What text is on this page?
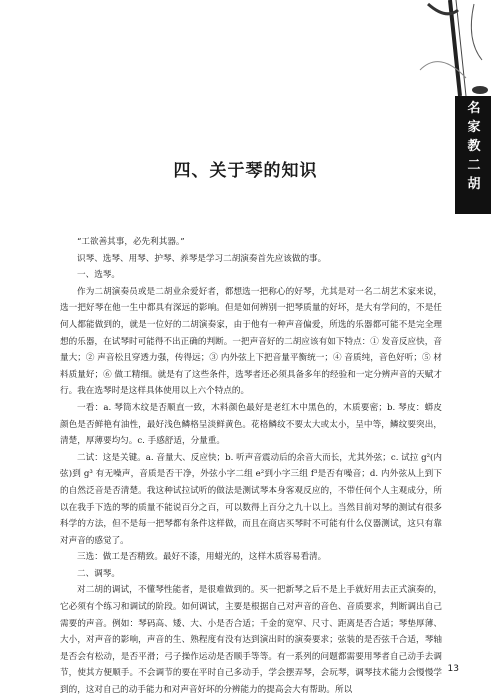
名
家
教
二
胡
四、关于琴的知识

“工欲善其事，必先利其器。”

识琴、选琴、用琴、护琴、养琴是学习二胡演奏首先应该做的事。

一、选琴。

作为二胡演奏员或是二胡业余爱好者，都想选一把称心的好琴，尤其是对一名二胡艺术家来说，选一把好琴在他一生中都具有深远的影响。但是如何辨别一把琴质量的好坏，是大有学问的，不是任何人都能做到的，就是一位好的二胡演奏家，由于他有一种声音偏爱，所选的乐器都可能不是完全理想的乐器，在试琴时可能得不出正确的判断。一把声音好的二胡应该有如下特点：① 发音反应快，音量大；② 声音松且穿透力强，传得远；③ 内外弦上下把音量平衡统一；④ 音质纯，音色好听；⑤ 材料质量好；⑥ 做工精细。就是有了这些条件，选琴者还必须具备多年的经验和一定分辨声音的天赋才行。我在选琴时是这样具体使用以上六个特点的。

一看：a. 琴筒木纹是否顺直一致，木料颜色最好是老红木中黑色的，木质要密；b. 琴皮：蟒皮颜色是否鲜艳有油性，最好浅色鳞格呈淡鲜黄色。花格鳞纹不要太大或太小，呈中等，鳞纹要突出，清楚，厚薄要均匀。c. 手感舒适，分量重。

二试：这是关键。a. 音量大、反应快；b. 听声音震动后的余音大而长，尤其外弦；c. 试拉 g²(内弦)到 g³ 有无噪声，音质是否干净，外弦小字二组 e²到小字三组 f³是否有噪音；d. 内外弦从上到下的自然泛音是否清楚。我这种试拉试听的做法是测试琴本身客观反应的，不带任何个人主观成分，所以在我手下选的琴的质量不能说百分之百，可以数得上百分之九十以上。当然目前对琴的测试有很多科学的方法，但不是每一把琴都有条件这样做，而且在商店买琴时不可能有什么仪器测试，这只有靠对声音的感觉了。

三选：做工是否精致。最好不漆，用蜡光的，这样木质容易看清。

二、调琴。

对二胡的调试，不懂琴性能者，是很难做到的。买一把新琴之后不是上手就好用去正式演奏的，它必须有个练习和调试的阶段。如何调试，主要是根据自己对声音的音色、音质要求，判断调出自己需要的声音。例如：琴码高、矮、大、小是否合适；千金的宽窄、尺寸、距离是否合适；琴垫厚薄、大小，对声音的影响，声音的生、熟程度有没有达到演出时的演奏要求；弦装的是否弦千合适，琴轴是否会有松动，是否平滑；弓子操作运动是否顺手等等。有一系列的问题都需要用琴者自己动手去调节，使其方便顺手。不会调节的要在平时自己多动手，学会摆弄琴，会玩琴，调琴技术能力会慢慢学到的，这对自己的动手能力和对声音好坏的分辨能力的提高会大有帮助。所以

13
